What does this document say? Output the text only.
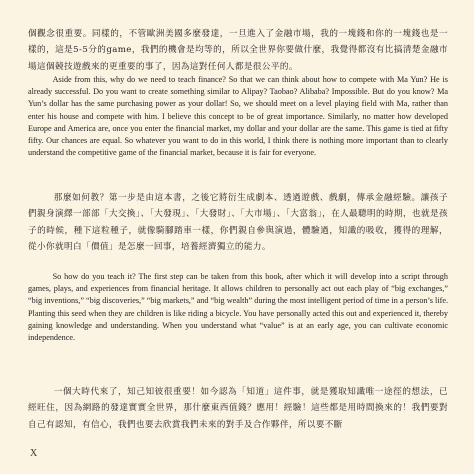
個觀念很重要。同樣的，不管歐洲美國多麼發達，一旦進入了金融市場，我的一塊錢和你的一塊錢也是一樣的，這是5-5分的game，我們的機會是均等的，所以全世界你要做什麼，我覺得都沒有比搞清楚金融市場這個競技遊戲來的更重要的事了，因為這對任何人都是很公平的。

Aside from this, why do we need to teach finance? So that we can think about how to compete with Ma Yun? He is already successful. Do you want to create something similar to Alipay? Taobao? Alibaba? Impossible. But do you know? Ma Yun’s dollar has the same purchasing power as your dollar! So, we should meet on a level playing field with Ma, rather than enter his house and compete with him. I believe this concept to be of great importance. Similarly, no matter how developed Europe and America are, once you enter the financial market, my dollar and your dollar are the same. This game is tied at fifty fifty. Our chances are equal. So whatever you want to do in this world, I think there is nothing more important than to clearly understand the competitive game of the financial market, because it is fair for everyone.

那麼如何教？第一步是由這本書，之後它將衍生成劇本、透過遊戲、戲劇，傳承金融經驗。讓孩子們親身演繹一部部「大交換」、「大發現」、「大發財」、「大市場」、「大富翁」，在人最聰明的時期，也就是孩子的時候，種下這粒種子，就像騎腳踏車一樣，你們親自參與演過，體驗過，知識的吸收，獲得的理解，從小你就明白「價值」是怎麼一回事，培養經濟獨立的能力。

So how do you teach it? The first step can be taken from this book, after which it will develop into a script through games, plays, and experiences from financial heritage. It allows children to personally act out each play of “big exchanges,” “big inventions,” “big discoveries,” “big markets,” and “big wealth” during the most intelligent period of time in a person’s life. Planting this seed when they are children is like riding a bicycle. You have personally acted this out and experienced it, thereby gaining knowledge and understanding. When you understand what “value” is at an early age, you can cultivate economic independence.

一個大時代來了，知己知彼很重要！如今認為「知道」這件事，就是獲取知識唯一途徑的想法，已經旺住，因為網路的發達實實全世界，那什麼東西值錢？應用！經驗！這些都是用時間換來的！我們要對自己有認知，有信心，我們也要去欣賞我們未來的對手及合作夥伴，所以要不斷

X
